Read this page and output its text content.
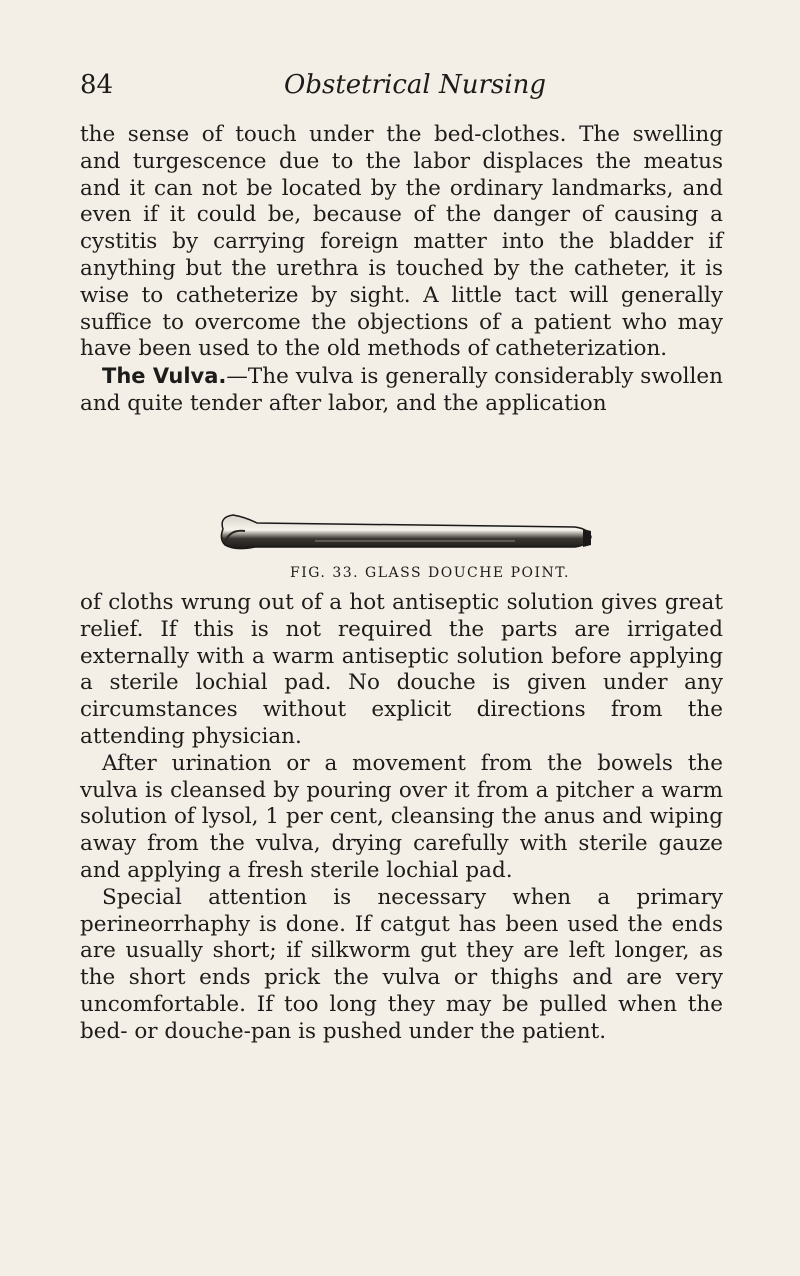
84	Obstetrical Nursing

the sense of touch under the bed-clothes. The swelling and turgescence due to the labor displaces the meatus and it can not be located by the ordinary landmarks, and even if it could be, because of the danger of causing a cystitis by carrying foreign matter into the bladder if anything but the urethra is touched by the catheter, it is wise to catheterize by sight. A little tact will generally suffice to overcome the objections of a patient who may have been used to the old methods of catheterization.

The Vulva.—The vulva is generally considerably swollen and quite tender after labor, and the application

FIG. 33. GLASS DOUCHE POINT.

of cloths wrung out of a hot antiseptic solution gives great relief. If this is not required the parts are irrigated externally with a warm antiseptic solution before applying a sterile lochial pad. No douche is given under any circumstances without explicit directions from the attending physician.

After urination or a movement from the bowels the vulva is cleansed by pouring over it from a pitcher a warm solution of lysol, 1 per cent, cleansing the anus and wiping away from the vulva, drying carefully with sterile gauze and applying a fresh sterile lochial pad.

Special attention is necessary when a primary perineorrhaphy is done. If catgut has been used the ends are usually short; if silkworm gut they are left longer, as the short ends prick the vulva or thighs and are very uncomfortable. If too long they may be pulled when the bed- or douche-pan is pushed under the patient.
